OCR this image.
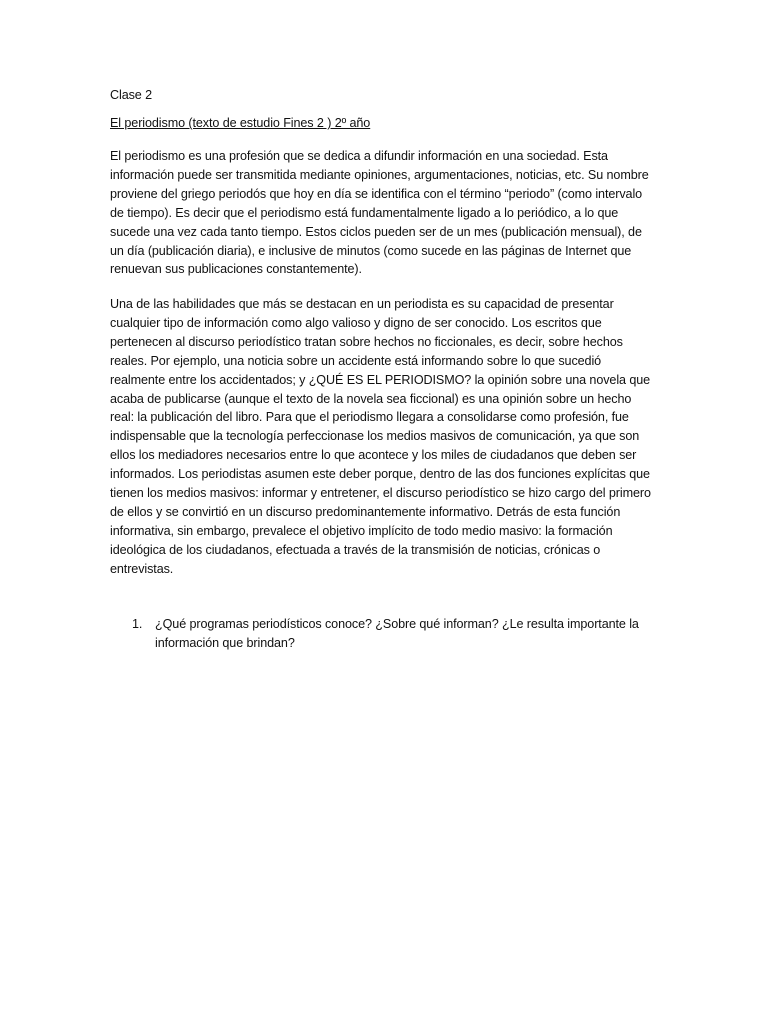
Clase 2
El periodismo (texto de estudio Fines 2 ) 2º año

El periodismo es una profesión que se dedica a difundir información en una sociedad. Esta información puede ser transmitida mediante opiniones, argumentaciones, noticias, etc. Su nombre proviene del griego periodós que hoy en día se identifica con el término “periodo” (como intervalo de tiempo). Es decir que el periodismo está fundamentalmente ligado a lo periódico, a lo que sucede una vez cada tanto tiempo. Estos ciclos pueden ser de un mes (publicación mensual), de un día (publicación diaria), e inclusive de minutos (como sucede en las páginas de Internet que renuevan sus publicaciones constantemente).

Una de las habilidades que más se destacan en un periodista es su capacidad de presentar cualquier tipo de información como algo valioso y digno de ser conocido. Los escritos que pertenecen al discurso periodístico tratan sobre hechos no ficcionales, es decir, sobre hechos reales. Por ejemplo, una noticia sobre un accidente está informando sobre lo que sucedió realmente entre los accidentados; y ¿QUÉ ES EL PERIODISMO? la opinión sobre una novela que acaba de publicarse (aunque el texto de la novela sea ficcional) es una opinión sobre un hecho real: la publicación del libro. Para que el periodismo llegara a consolidarse como profesión, fue indispensable que la tecnología perfeccionase los medios masivos de comunicación, ya que son ellos los mediadores necesarios entre lo que acontece y los miles de ciudadanos que deben ser informados. Los periodistas asumen este deber porque, dentro de las dos funciones explícitas que tienen los medios masivos: informar y entretener, el discurso periodístico se hizo cargo del primero de ellos y se convirtió en un discurso predominantemente informativo. Detrás de esta función informativa, sin embargo, prevalece el objetivo implícito de todo medio masivo: la formación ideológica de los ciudadanos, efectuada a través de la transmisión de noticias, crónicas o entrevistas.

1. ¿Qué programas periodísticos conoce? ¿Sobre qué informan? ¿Le resulta importante la información que brindan?
